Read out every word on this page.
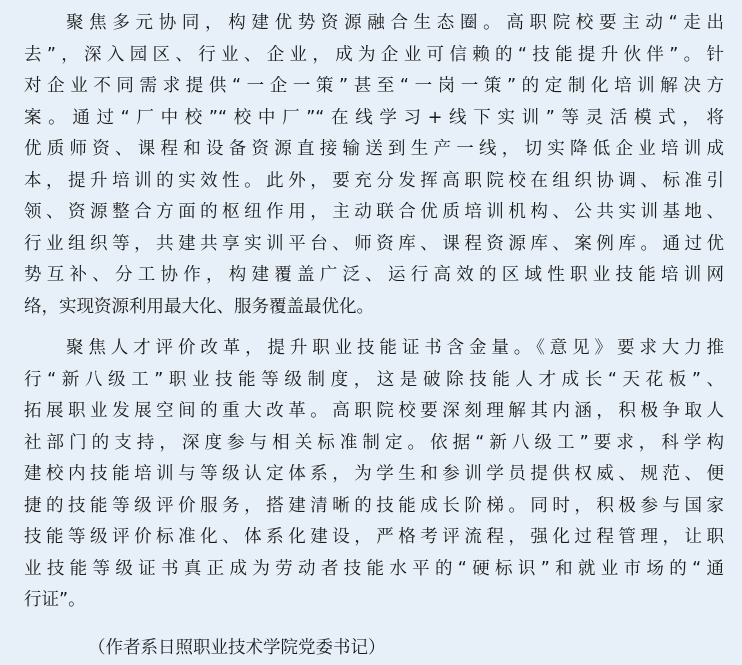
聚焦多元协同，构建优势资源融合生态圈。高职院校要主动“走出
去”，深入园区、行业、企业，成为企业可信赖的“技能提升伙伴”。针
对企业不同需求提供“一企一策”甚至“一岗一策”的定制化培训解决方
案。通过“厂中校”“校中厂”“在线学习+线下实训”等灵活模式，将
优质师资、课程和设备资源直接输送到生产一线，切实降低企业培训成
本，提升培训的实效性。此外，要充分发挥高职院校在组织协调、标准引
领、资源整合方面的枢纽作用，主动联合优质培训机构、公共实训基地、
行业组织等，共建共享实训平台、师资库、课程资源库、案例库。通过优
势互补、分工协作，构建覆盖广泛、运行高效的区域性职业技能培训网
络，实现资源利用最大化、服务覆盖最优化。
聚焦人才评价改革，提升职业技能证书含金量。《意见》要求大力推
行“新八级工”职业技能等级制度，这是破除技能人才成长“天花板”、
拓展职业发展空间的重大改革。高职院校要深刻理解其内涵，积极争取人
社部门的支持，深度参与相关标准制定。依据“新八级工”要求，科学构
建校内技能培训与等级认定体系，为学生和参训学员提供权威、规范、便
捷的技能等级评价服务，搭建清晰的技能成长阶梯。同时，积极参与国家
技能等级评价标准化、体系化建设，严格考评流程，强化过程管理，让职
业技能等级证书真正成为劳动者技能水平的“硬标识”和就业市场的“通
行证”。
（作者系日照职业技术学院党委书记）
